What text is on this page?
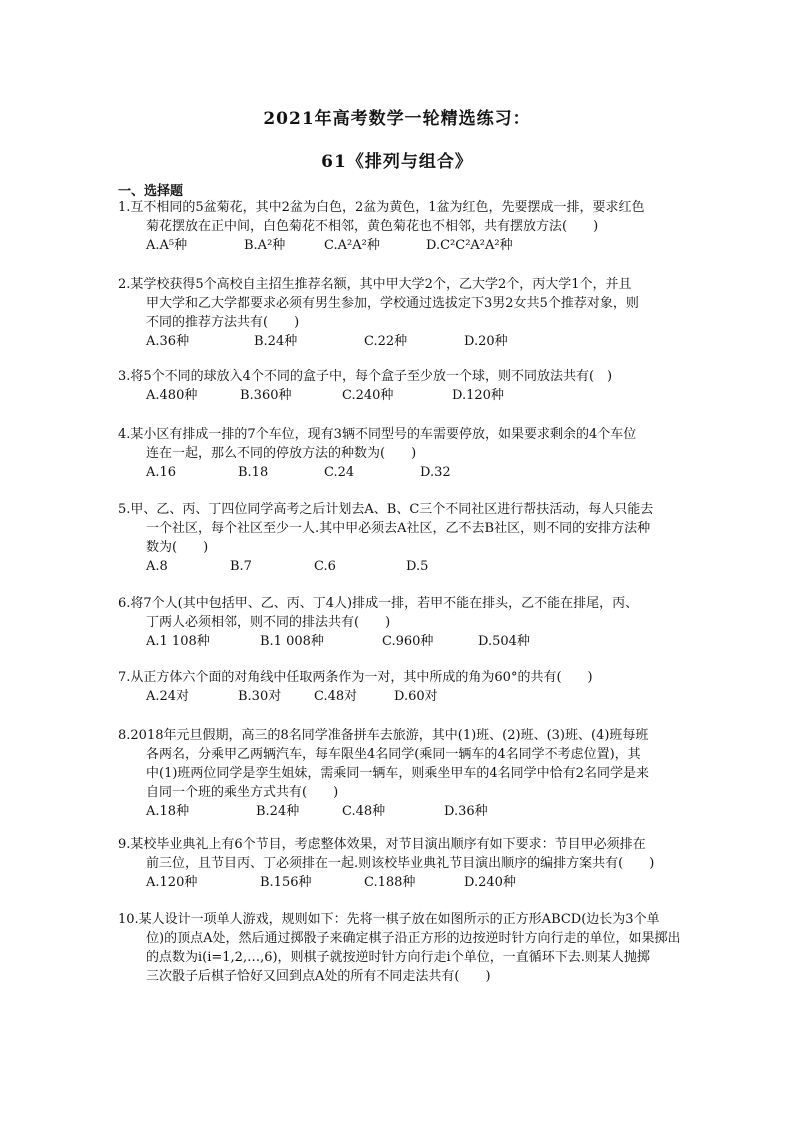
2021年高考数学一轮精选练习：
61《排列与组合》
一、选择题
1.互不相同的5盆菊花，其中2盆为白色，2盆为黄色，1盆为红色，先要摆成一排，要求红色
菊花摆放在正中间，白色菊花不相邻，黄色菊花也不相邻，共有摆放方法(　　)
A.A⁵种	B.A²种	C.A²A²种	D.C²C²A²A²种
2.某学校获得5个高校自主招生推荐名额，其中甲大学2个，乙大学2个，丙大学1个，并且
甲大学和乙大学都要求必须有男生参加，学校通过选拔定下3男2女共5个推荐对象，则
不同的推荐方法共有(　　)
A.36种	B.24种	C.22种	D.20种
3.将5个不同的球放入4个不同的盒子中，每个盒子至少放一个球，则不同放法共有(　)
A.480种	B.360种	C.240种	D.120种
4.某小区有排成一排的7个车位，现有3辆不同型号的车需要停放，如果要求剩余的4个车位
连在一起，那么不同的停放方法的种数为(　　)
A.16	B.18	C.24	D.32
5.甲、乙、丙、丁四位同学高考之后计划去A、B、C三个不同社区进行帮扶活动，每人只能去
一个社区，每个社区至少一人.其中甲必须去A社区，乙不去B社区，则不同的安排方法种
数为(　　)
A.8	B.7	C.6	D.5
6.将7个人(其中包括甲、乙、丙、丁4人)排成一排，若甲不能在排头，乙不能在排尾，丙、
丁两人必须相邻，则不同的排法共有(　　)
A.1 108种	B.1 008种	C.960种	D.504种
7.从正方体六个面的对角线中任取两条作为一对，其中所成的角为60°的共有(　　)
A.24对	B.30对	C.48对	D.60对
8.2018年元旦假期，高三的8名同学准备拼车去旅游，其中(1)班、(2)班、(3)班、(4)班每班
各两名，分乘甲乙两辆汽车，每车限坐4名同学(乘同一辆车的4名同学不考虑位置)，其
中(1)班两位同学是孪生姐妹，需乘同一辆车，则乘坐甲车的4名同学中恰有2名同学是来
自同一个班的乘坐方式共有(　　)
A.18种	B.24种	C.48种	D.36种
9.某校毕业典礼上有6个节目，考虑整体效果，对节目演出顺序有如下要求：节目甲必须排在
前三位，且节目丙、丁必须排在一起.则该校毕业典礼节目演出顺序的编排方案共有(　　)
A.120种	B.156种	C.188种	D.240种
10.某人设计一项单人游戏，规则如下：先将一棋子放在如图所示的正方形ABCD(边长为3个单
位)的顶点A处，然后通过掷骰子来确定棋子沿正方形的边按逆时针方向行走的单位，如果掷出
的点数为i(i=1,2,…,6)，则棋子就按逆时针方向行走i个单位，一直循环下去.则某人抛掷
三次骰子后棋子恰好又回到点A处的所有不同走法共有(　　)
